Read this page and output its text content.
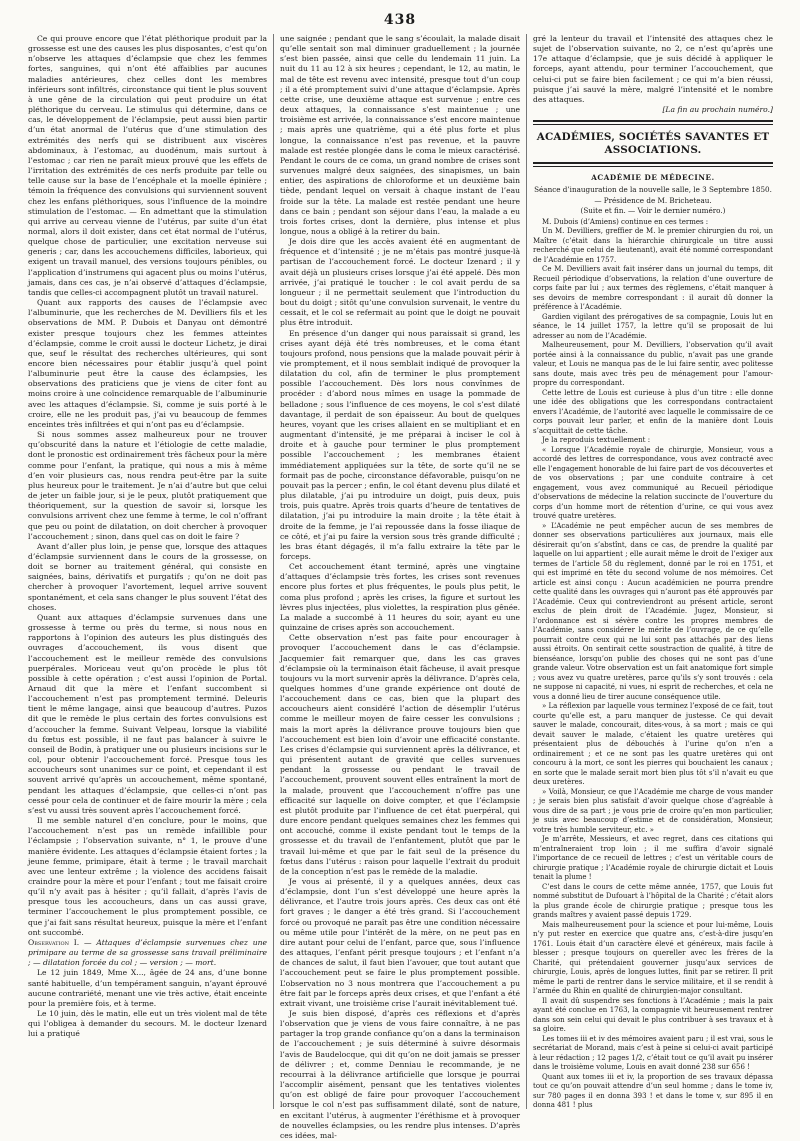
438

Ce qui prouve encore que l’état pléthorique produit par la grossesse est une des causes les plus disposantes, c’est qu’on n’observe les attaques d’éclampsie que chez les femmes fortes, sanguines, qui n’ont été affaiblies par aucunes maladies antérieures, chez celles dont les membres inférieurs sont infiltrés, circonstance qui tient le plus souvent à une gêne de la circulation qui peut produire un état pléthorique du cerveau. Le stimulus qui détermine, dans ce cas, le développement de l’éclampsie, peut aussi bien partir d’un état anormal de l’utérus que d’une stimulation des extrémités des nerfs qui se distribuent aux viscères abdominaux, à l’estomac, au duodénum, mais surtout à l’estomac ; car rien ne paraît mieux prouvé que les effets de l’irritation des extrémités de ces nerfs produite par telle ou telle cause sur la base de l’encéphale et la moelle épinière ; témoin la fréquence des convulsions qui surviennent souvent chez les enfans pléthoriques, sous l’influence de la moindre stimulation de l’estomac. — En admettant que la stimulation qui arrive au cerveau vienne de l’utérus, par suite d’un état normal, alors il doit exister, dans cet état normal de l’utérus, quelque chose de particulier, une excitation nerveuse sui generis ; car, dans les accouchemens difficiles, laborieux, qui exigent un travail manuel, des versions toujours pénibles, ou l’application d’instrumens qui agacent plus ou moins l’utérus, jamais, dans ces cas, je n’ai observé d’attaques d’éclampsie, tandis que celles-ci accompagnent plutôt un travail naturel.

Quant aux rapports des causes de l’éclampsie avec l’albuminurie, que les recherches de M. Devilliers fils et les observations de MM. P. Dubois et Danyau ont démontré exister presque toujours chez les femmes atteintes d’éclampsie, comme le croit aussi le docteur Lichetz, je dirai que, seuf le résultat des recherches ultérieures, qui sont encore bien nécessaires pour établir jusqu’à quel point l’albuminurie peut être la cause des éclampsies, les observations des praticiens que je viens de citer font au moins croire à une coïncidence remarquable de l’albuminurie avec les attaques d’éclampsie. Si, comme je suis porté à le croire, elle ne les produit pas, j’ai vu beaucoup de femmes enceintes très infiltrées et qui n’ont pas eu d’éclampsie.

Si nous sommes assez malheureux pour ne trouver qu’obscurité dans la nature et l’étiologie de cette maladie, dont le pronostic est ordinairement très fâcheux pour la mère comme pour l’enfant, la pratique, qui nous a mis à même d’en voir plusieurs cas, nous rendra peut-être par la suite plus heureux pour le traitement. Je n’ai d’autre but que celui de jeter un faible jour, si je le peux, plutôt pratiquement que théoriquement, sur la question de savoir si, lorsque les convulsions arrivent chez une femme à terme, le col n’offrant que peu ou point de dilatation, on doit chercher à provoquer l’accouchement ; sinon, dans quel cas on doit le faire ?

Avant d’aller plus loin, je pense que, lorsque des attaques d’éclampsie surviennent dans le cours de la grossesse, on doit se borner au traitement général, qui consiste en saignées, bains, dérivatifs et purgatifs ; qu’on ne doit pas chercher à provoquer l’avortement, lequel arrive souvent spontanément, et cela sans changer le plus souvent l’état des choses.

Quant aux attaques d’éclampsie survenues dans une grossesse à terme ou près du terme, si nous nous en rapportons à l’opinion des auteurs les plus distingués des ouvrages d’accouchement, ils vous disent que l’accouchement est le meilleur remède des convulsions puerpérales. Moriceau veut qu’on procède le plus tôt possible à cette opération ; c’est aussi l’opinion de Portal. Arnaud dit que la mère et l’enfant succombent si l’accouchement n’est pas promptement terminé. Deleuris tient le même langage, ainsi que beaucoup d’autres. Puzos dit que le remède le plus certain des fortes convulsions est d’accoucher la femme. Suivant Velpeau, lorsque la viabilité du fœtus est possible, il ne faut pas balancer à suivre le conseil de Bodin, à pratiquer une ou plusieurs incisions sur le col, pour obtenir l’accouchement forcé. Presque tous les accoucheurs sont unanimes sur ce point, et cependant il est souvent arrivé qu’après un accouchement, même spontané, pendant les attaques d’éclampsie, que celles-ci n’ont pas cessé pour cela de continuer et de faire mourir la mère ; cela s’est vu aussi très souvent après l’accouchement forcé.

Il me semble naturel d’en conclure, pour le moins, que l’accouchement n’est pas un remède infaillible pour l’éclampsie ; l’observation suivante, n° 1, le prouve d’une manière évidente. Les attaques d’éclampsie étaient fortes ; la jeune femme, primipare, était à terme ; le travail marchait avec une lenteur extrême ; la violence des accidens faisait craindre pour la mère et pour l’enfant ; tout me faisait croire qu’il n’y avait pas à hésiter ; qu’il fallait, d’après l’avis de presque tous les accoucheurs, dans un cas aussi grave, terminer l’accouchement le plus promptement possible, ce que j’ai fait sans résultat heureux, puisque la mère et l’enfant ont succombé.

Observation I. — Attaques d’éclampsie survenues chez une primipare au terme de sa grossesse sans travail préliminaire ; — dilatation forcée du col ; — version ; — mort.

Le 12 juin 1849, Mme X..., âgée de 24 ans, d’une bonne santé habituelle, d’un tempérament sanguin, n’ayant éprouvé aucune contrariété, menant une vie très active, était enceinte pour la première fois, et à terme.

Le 10 juin, dès le matin, elle eut un très violent mal de tête qui l’obligea à demander du secours. M. le docteur Izenard lui a pratiqué

une saignée ; pendant que le sang s’écoulait, la malade disait qu’elle sentait son mal diminuer graduellement ; la journée s’est bien passée, ainsi que celle du lendemain 11 juin. La nuit du 11 au 12 à six heures ; cependant, le 12, au matin, le mal de tête est revenu avec intensité, presque tout d’un coup ; il a été promptement suivi d’une attaque d’éclampsie. Après cette crise, une deuxième attaque est survenue ; entre ces deux attaques, la connaissance s’est maintenue ; une troisième est arrivée, la connaissance s’est encore maintenue ; mais après une quatrième, qui a été plus forte et plus longue, la connaissance n’est pas revenue, et la pauvre malade est restée plongée dans le coma le mieux caractérisé. Pendant le cours de ce coma, un grand nombre de crises sont survenues malgré deux saignées, des sinapismes, un bain entier, des aspirations de chloroforme et un deuxième bain tiède, pendant lequel on versait à chaque instant de l’eau froide sur la tête. La malade est restée pendant une heure dans ce bain ; pendant son séjour dans l’eau, la malade a eu trois fortes crises, dont la dernière, plus intense et plus longue, nous a obligé à la retirer du bain.

Je dois dire que les accès avaient été en augmentant de fréquence et d’intensité ; je ne m’étais pas montré jusque-là partisan de l’accouchement forcé. Le docteur Izenard ; il y avait déjà un plusieurs crises lorsque j’ai été appelé. Dès mon arrivée, j’ai pratiqué le toucher : le col avait perdu de sa longueur ; il ne permettait seulement que l’introduction du bout du doigt ; sitôt qu’une convulsion survenait, le ventre du cessait, et le col se refermait au point que le doigt ne pouvait plus être introduit.

En présence d’un danger qui nous paraissait si grand, les crises ayant déjà été très nombreuses, et le coma étant toujours profond, nous pensions que la malade pouvait périr à vie promptement, et il nous semblait indiqué de provoquer la dilatation du col, afin de terminer le plus promptement possible l’accouchement. Dès lors nous convînmes de procéder : d’abord nous mîmes en usage la pommade de belladone ; sous l’influence de ces moyens, le col s’est dilaté davantage, il perdait de son épaisseur. Au bout de quelques heures, voyant que les crises allaient en se multipliant et en augmentant d’intensité, je me préparai à inciser le col à droite et à gauche pour terminer le plus promptement possible l’accouchement ; les membranes étaient immédiatement appliquées sur la tête, de sorte qu’il ne se formait pas de poche, circonstance défavorable, puisqu’on ne pouvait pas la percer ; enfin, le col étant devenu plus dilaté et plus dilatable, j’ai pu introduire un doigt, puis deux, puis trois, puis quatre. Après trois quarts d’heure de tentatives de dilatation, j’ai pu introduire la main droite ; la tête était à droite de la femme, je l’ai repoussée dans la fosse iliaque de ce côté, et j’ai pu faire la version sous très grande difficulté ; les bras étant dégagés, il m’a fallu extraire la tête par le forceps.

Cet accouchement étant terminé, après une vingtaine d’attaques d’éclampsie très fortes, les crises sont revenues encore plus fortes et plus fréquentes, le pouls plus petit, le coma plus profond ; après les crises, la figure et surtout les lèvres plus injectées, plus violettes, la respiration plus gênée. La malade a succombé à 11 heures du soir, ayant eu une quinzaine de crises après son accouchement.

Cette observation n’est pas faite pour encourager à provoquer l’accouchement dans le cas d’éclampsie. Jacquemier fait remarquer que, dans les cas graves d’éclampsie où la terminaison était fâcheuse, il avait presque toujours vu la mort survenir après la délivrance. D’après cela, quelques hommes d’une grande expérience ont douté de l’accouchement dans ce cas, bien que la plupart des accoucheurs aient considéré l’action de désemplir l’utérus comme le meilleur moyen de faire cesser les convulsions ; mais la mort après la délivrance prouve toujours bien que l’accouchement est bien loin d’avoir une efficacité constante. Les crises d’éclampsie qui surviennent après la délivrance, et qui présentent autant de gravité que celles survenues pendant la grossesse ou pendant le travail de l’accouchement, prouvent souvent elles entraînent la mort de la malade, prouvent que l’accouchement n’offre pas une efficacité sur laquelle on doive compter, et que l’éclampsie est plutôt produite par l’influence de cet état puerpéral, qui dure encore pendant quelques semaines chez les femmes qui ont accouché, comme il existe pendant tout le temps de la grossesse et du travail de l’enfantement, plutôt que par le travail lui-même et que par le fait seul de la présence du fœtus dans l’utérus : raison pour laquelle l’extrait du produit de la conception n’est pas le remède de la maladie.

Je vous ai présenté, il y a quelques années, deux cas d’éclampsie, dont l’un s’est développé une heure après la délivrance, et l’autre trois jours après. Ces deux cas ont été fort graves ; le danger a été très grand. Si l’accouchement forcé ou provoqué ne paraît pas être une condition nécessaire ou même utile pour l’intérêt de la mère, on ne peut pas en dire autant pour celui de l’enfant, parce que, sous l’influence des attaques, l’enfant périt presque toujours ; et l’enfant n’a de chances de salut, il faut bien l’avouer, que tout autant que l’accouchement peut se faire le plus promptement possible. L’observation no 3 nous montrera que l’accouchement a pu être fait par le forceps après deux crises, et que l’enfant a été extrait vivant, une troisième crise l’aurait inévitablement tué.

Je suis bien disposé, d’après ces réflexions et d’après l’observation que je viens de vous faire connaître, à ne pas partager la trop grande confiance qu’on a dans la terminaison de l’accouchement ; je suis déterminé à suivre désormais l’avis de Baudelocque, qui dit qu’on ne doit jamais se presser de délivrer ; et, comme Denniau le recommande, je ne recourrai à la délivrance artificielle que lorsque je pourrai l’accomplir aisément, pensant que les tentatives violentes qu’on est obligé de faire pour provoquer l’accouchement lorsque le col n’est pas suffisamment dilaté, sont de nature, en excitant l’utérus, à augmenter l’éréthisme et à provoquer de nouvelles éclampsies, ou les rendre plus intenses. D’après ces idées, mal-

gré la lenteur du travail et l’intensité des attaques chez le sujet de l’observation suivante, no 2, ce n’est qu’après une 17e attaque d’éclampsie, que je suis décidé à appliquer le forceps, ayant attendu, pour terminer l’accouchement, que celui-ci put se faire bien facilement ; ce qui m’a bien réussi, puisque j’ai sauvé la mère, malgré l’intensité et le nombre des attaques.

[La fin au prochain numéro.]

ACADÉMIES, SOCIÉTÉS SAVANTES ET ASSOCIATIONS.

ACADÉMIE DE MÉDECINE.

Séance d’inauguration de la nouvelle salle, le 3 Septembre 1850. — Présidence de M. Bricheteau.

(Suite et fin. — Voir le dernier numéro.)

M. Dubois (d’Amiens) continue en ces termes :

Un M. Devilliers, greffier de M. le premier chirurgien du roi, un Maître (c’était dans la hiérarchie chirurgicale un titre aussi recherché que celui de lieutenant), avait été nommé correspondant de l’Académie en 1757.

Ce M. Devilliers avait fait insérer dans un journal du temps, dit Recueil périodique d’observations, la relation d’une ouverture de corps faite par lui ; aux termes des règlemens, c’était manquer à ses devoirs de membre correspondant : il aurait dû donner la préférence à l’Académie.

Gardien vigilant des prérogatives de sa compagnie, Louis lut en séance, le 14 juillet 1757, la lettre qu’il se proposait de lui adresser au nom de l’Académie.

Malheureusement, pour M. Devilliers, l’observation qu’il avait portée ainsi à la connaissance du public, n’avait pas une grande valeur, et Louis ne manqua pas de le lui faire sentir, avec politesse sans doute, mais avec très peu de ménagement pour l’amour-propre du correspondant.

Cette lettre de Louis est curieuse à plus d’un titre : elle donne une idée des obligations que les correspondans contractaient envers l’Académie, de l’autorité avec laquelle le commissaire de ce corps pouvait leur parler, et enfin de la manière dont Louis s’acquittait de cette tâche.

Je la reproduis textuellement :

« Lorsque l’Académie royale de chirurgie, Monsieur, vous a accordé des lettres de correspondance, vous avez contracté avec elle l’engagement honorable de lui faire part de vos découvertes et de vos observations ; par une conduite contraire à cet engagement, vous avez communiqué au Recueil périodique d’observations de médecine la relation succincte de l’ouverture du corps d’un homme mort de rétention d’urine, ce qui vous avez trouvé quatre uretères.

» L’Académie ne peut empêcher aucun de ses membres de donner ses observations particulières aux journaux, mais elle désirerait qu’on s’abstînt, dans ce cas, de prendre la qualité par laquelle on lui appartient ; elle aurait même le droit de l’exiger aux termes de l’article 58 du règlement, donné par le roi en 1751, et qui est imprimé en tête du second volume de nos mémoires. Cet article est ainsi conçu : Aucun académicien ne pourra prendre cette qualité dans les ouvrages qui n’auront pas été approuvés par l’Académie. Ceux qui contreviendront au présent article, seront exclus de plein droit de l’Académie. Jugez, Monsieur, si l’ordonnance est si sévère contre les propres membres de l’Académie, sans considérer le mérite de l’ouvrage, de ce qu’elle pourrait contre ceux qui ne lui sont pas attachés par des liens aussi étroits. On sentirait cette soustraction de qualité, à titre de bienséance, lorsqu’on publie des choses qui ne sont pas d’une grande valeur. Votre observation est un fait anatomique fort simple ; vous avez vu quatre uretères, parce qu’ils s’y sont trouvés : cela ne suppose ni capacité, ni vues, ni esprit de recherches, et cela ne vous a donné lieu de tirer aucune conséquence utile.

» La réflexion par laquelle vous terminez l’exposé de ce fait, tout courte qu’elle est, a paru manquer de justesse. Ce qui devait sauver le malade, concourait, dites-vous, à sa mort ; mais ce qui devait sauver le malade, c’étaient les quatre uretères qui présentaient plus de débouchés à l’urine qu’on n’en a ordinairement ; et ce ne sont pas les quatre uretères qui ont concouru à la mort, ce sont les pierres qui bouchaient les canaux ; en sorte que le malade serait mort bien plus tôt s’il n’avait eu que deux uretères.

» Voilà, Monsieur, ce que l’Académie me charge de vous mander ; je serais bien plus satisfait d’avoir quelque chose d’agréable à vous dire de sa part ; je vous prie de croire qu’en mon particulier, je suis avec beaucoup d’estime et de considération, Monsieur, votre très humble serviteur, etc. »

Je m’arrête, Messieurs, et avec regret, dans ces citations qui m’entraîneraient trop loin ; il me suffira d’avoir signalé l’importance de ce recueil de lettres ; c’est un véritable cours de chirurgie pratique ; l’Académie royale de chirurgie dictait et Louis tenait la plume !

C’est dans le cours de cette même année, 1757, que Louis fut nommé substitut de Dufouart à l’hôpital de la Charité ; c’était alors la plus grande école de chirurgie pratique ; presque tous les grands maîtres y avaient passé depuis 1729.

Mais malheureusement pour la science et pour lui-même, Louis n’y put rester en exercice que quatre ans, c’est-à-dire jusqu’en 1761. Louis était d’un caractère élevé et généreux, mais facile à blesser ; presque toujours on quereller avec les frères de la Charité, qui prétendaient gouverner jusqu’aux services de chirurgie, Louis, après de longues luttes, finit par se retirer. Il prit même le parti de rentrer dans le service militaire, et il se rendit à l’armée du Rhin en qualité de chirurgien-major consultant.

Il avait dû suspendre ses fonctions à l’Académie ; mais la paix ayant été conclue en 1763, la compagnie vit heureusement rentrer dans son sein celui qui devait le plus contribuer à ses travaux et à sa gloire.

Les tomes iii et iv des mémoires avaient paru ; il est vrai, sous le secrétariat de Morand, mais c’est à peine si celui-ci avait participé à leur rédaction ; 12 pages 1/2, c’était tout ce qu’il avait pu insérer dans le troisième volume, Louis en avait donné 238 sur 656 !

Quant aux tomes iii et iv, la proportion de ses travaux dépassa tout ce qu’on pouvait attendre d’un seul homme ; dans le tome iv, sur 780 pages il en donna 393 ! et dans le tome v, sur 895 il en donna 481 ! plus
